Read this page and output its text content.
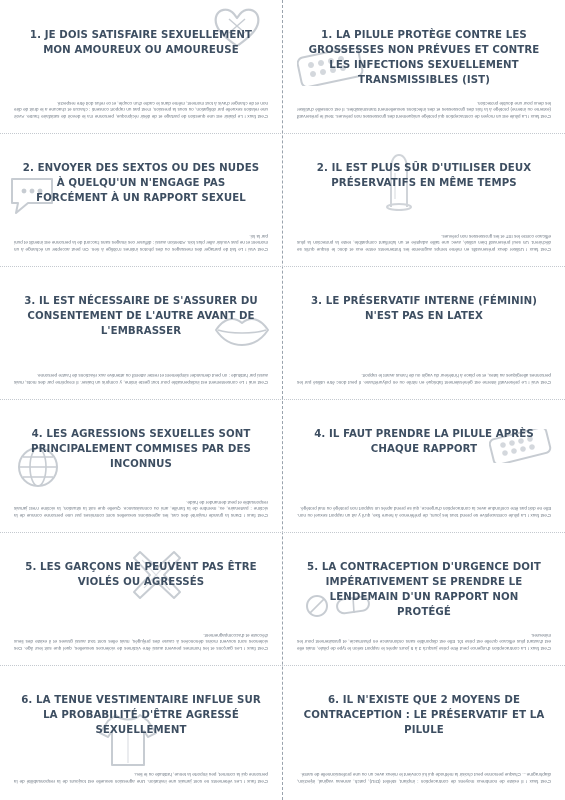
1. JE DOIS SATISFAIRE SEXUELLEMENT MON AMOUREUX OU AMOUREUSE
C'est faux ! Le plaisir est une question de partage et de désir réciproque, personne n'a le devoir de satisfaire l'autre. Avoir une relation sexuelle par obligation, ou sous la pression, n'est pas un rapport consenti : chacun et chacune a le droit de dire non et de changer d'avis à tout moment, même dans le cadre d'un couple, et ce refus doit être respecté.
1. LA PILULE PROTÈGE CONTRE LES GROSSESSES NON PRÉVUES ET CONTRE LES INFECTIONS SEXUELLEMENT TRANSMISSIBLES (IST)
C'est faux ! La pilule est un moyen de contraception qui protège uniquement des grossesses non prévues. Seul le préservatif (externe ou interne) protège à la fois des grossesses et des infections sexuellement transmissibles. Il est conseillé d'utiliser les deux pour une double protection.
2. ENVOYER DES SEXTOS OU DES NUDES À QUELQU'UN N'ENGAGE PAS FORCÉMENT À UN RAPPORT SEXUEL
C'est vrai ! Le fait de partager des messages ou des photos intimes n'oblige à rien. On peut accepter un échange à un moment et ne pas vouloir aller plus loin. Attention aussi : diffuser ces images sans l'accord de la personne est interdit et puni par la loi.
2. IL EST PLUS SÛR D'UTILISER DEUX PRÉSERVATIFS EN MÊME TEMPS
C'est faux ! Utiliser deux préservatifs en même temps augmente les frottements entre eux et donc le risque qu'ils se déchirent. Un seul préservatif bien utilisé, avec une taille adaptée et un lubrifiant compatible, reste la protection la plus efficace contre les IST et les grossesses non prévues.
3. IL EST NÉCESSAIRE DE S'ASSURER DU CONSENTEMENT DE L'AUTRE AVANT DE L'EMBRASSER
C'est vrai ! Le consentement est indispensable pour tout geste intime, y compris un baiser. Il s'exprime par des mots, mais aussi par l'attitude : on peut demander simplement et rester attentif ou attentive aux réactions de l'autre personne.
3. LE PRÉSERVATIF INTERNE (FÉMININ) N'EST PAS EN LATEX
C'est vrai ! Le préservatif interne est généralement fabriqué en nitrile ou en polyuréthane. Il peut donc être utilisé par les personnes allergiques au latex, et se place à l'intérieur du vagin ou de l'anus avant le rapport.
4. LES AGRESSIONS SEXUELLES SONT PRINCIPALEMENT COMMISES PAR DES INCONNUS
C'est faux ! Dans la grande majorité des cas, les agressions sexuelles sont commises par une personne connue de la victime : partenaire, ex, membre de la famille, ami ou connaissance. Quelle que soit la situation, la victime n'est jamais responsable et peut demander de l'aide.
4. IL FAUT PRENDRE LA PILULE APRÈS CHAQUE RAPPORT
C'est faux ! La pilule contraceptive se prend tous les jours, de préférence à heure fixe, qu'il y ait un rapport sexuel ou non. Elle ne doit pas être confondue avec la contraception d'urgence, qui se prend après un rapport non protégé ou mal protégé.
5. LES GARÇONS NE PEUVENT PAS ÊTRE VIOLÉS OU AGRESSÉS
C'est faux ! Les garçons et les hommes peuvent aussi être victimes de violences sexuelles, quel que soit leur âge. Ces violences sont souvent moins dénoncées à cause des préjugés, mais elles sont tout aussi graves et il existe des lieux d'écoute et d'accompagnement.
5. LA CONTRACEPTION D'URGENCE DOIT IMPÉRATIVEMENT SE PRENDRE LE LENDEMAIN D'UN RAPPORT NON PROTÉGÉ
C'est faux ! La contraception d'urgence peut être prise jusqu'à 3 à 5 jours après le rapport selon le type de pilule, mais elle est d'autant plus efficace qu'elle est prise tôt. Elle est disponible sans ordonnance en pharmacie, et gratuitement pour les mineures.
6. LA TENUE VESTIMENTAIRE INFLUE SUR LA PROBABILITÉ D'ÊTRE AGRESSÉ SEXUELLEMENT
C'est faux ! Les vêtements ne sont jamais une invitation. Une agression sexuelle est toujours de la responsabilité de la personne qui la commet, peu importe la tenue, l'attitude ou le lieu.
6. IL N'EXISTE QUE 2 MOYENS DE CONTRACEPTION : LE PRÉSERVATIF ET LA PILULE
C'est faux ! Il existe de nombreux moyens de contraception : implant, stérilet (DIU), patch, anneau vaginal, injection, diaphragme… Chaque personne peut choisir la méthode qui lui convient le mieux avec un ou une professionnelle de santé.
